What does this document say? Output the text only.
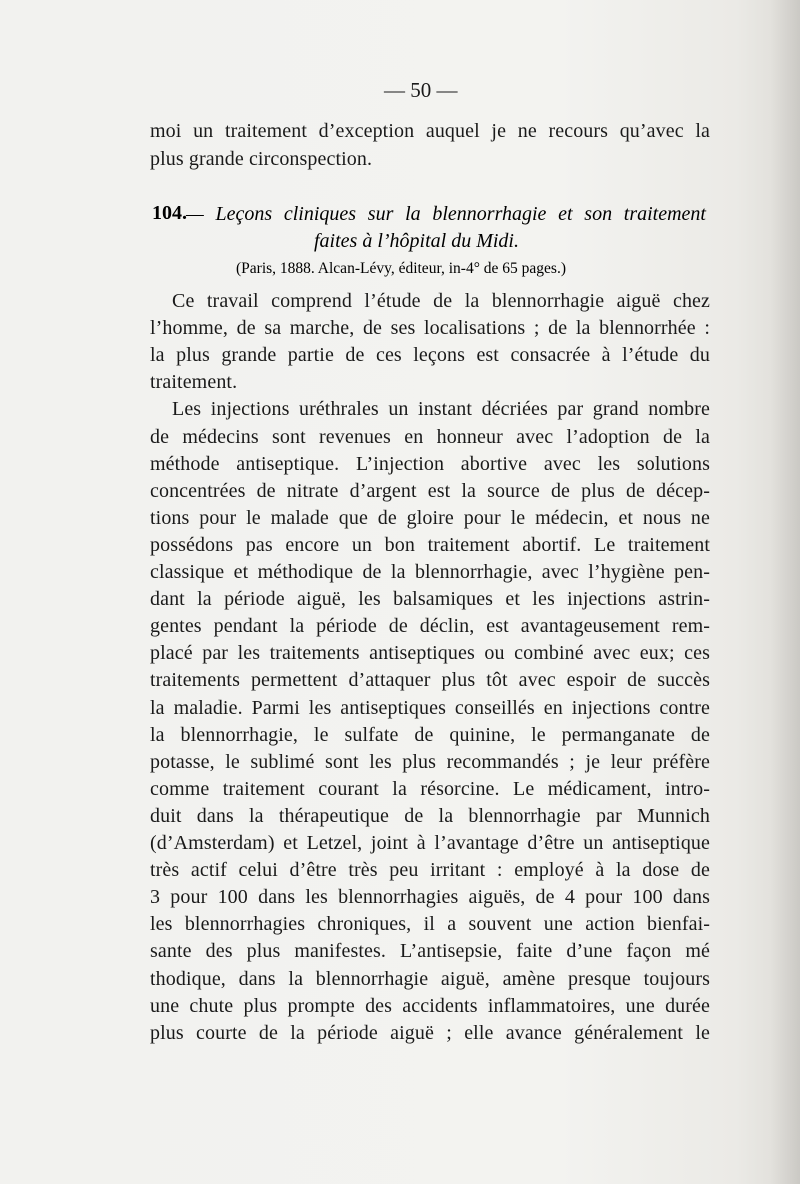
— 50 —
moi un traitement d’exception auquel je ne recours qu’avec la
plus grande circonspection.
104. — Leçons cliniques sur la blennorrhagie et son traitement
faites à l’hôpital du Midi.
(Paris, 1888. Alcan-Lévy, éditeur, in-4° de 65 pages.)
Ce travail comprend l’étude de la blennorrhagie aiguë chez
l’homme, de sa marche, de ses localisations ; de la blennorrhée :
la plus grande partie de ces leçons est consacrée à l’étude du
traitement.
Les injections uréthrales un instant décriées par grand nombre
de médecins sont revenues en honneur avec l’adoption de la
méthode antiseptique. L’injection abortive avec les solutions
concentrées de nitrate d’argent est la source de plus de décep-
tions pour le malade que de gloire pour le médecin, et nous ne
possédons pas encore un bon traitement abortif. Le traitement
classique et méthodique de la blennorrhagie, avec l’hygiène pen-
dant la période aiguë, les balsamiques et les injections astrin-
gentes pendant la période de déclin, est avantageusement rem-
placé par les traitements antiseptiques ou combiné avec eux; ces
traitements permettent d’attaquer plus tôt avec espoir de succès
la maladie. Parmi les antiseptiques conseillés en injections contre
la blennorrhagie, le sulfate de quinine, le permanganate de
potasse, le sublimé sont les plus recommandés ; je leur préfère
comme traitement courant la résorcine. Le médicament, intro-
duit dans la thérapeutique de la blennorrhagie par Munnich
(d’Amsterdam) et Letzel, joint à l’avantage d’être un antiseptique
très actif celui d’être très peu irritant : employé à la dose de
3 pour 100 dans les blennorrhagies aiguës, de 4 pour 100 dans
les blennorrhagies chroniques, il a souvent une action bienfai-
sante des plus manifestes. L’antisepsie, faite d’une façon mé
thodique, dans la blennorrhagie aiguë, amène presque toujours
une chute plus prompte des accidents inflammatoires, une durée
plus courte de la période aiguë ; elle avance généralement le
